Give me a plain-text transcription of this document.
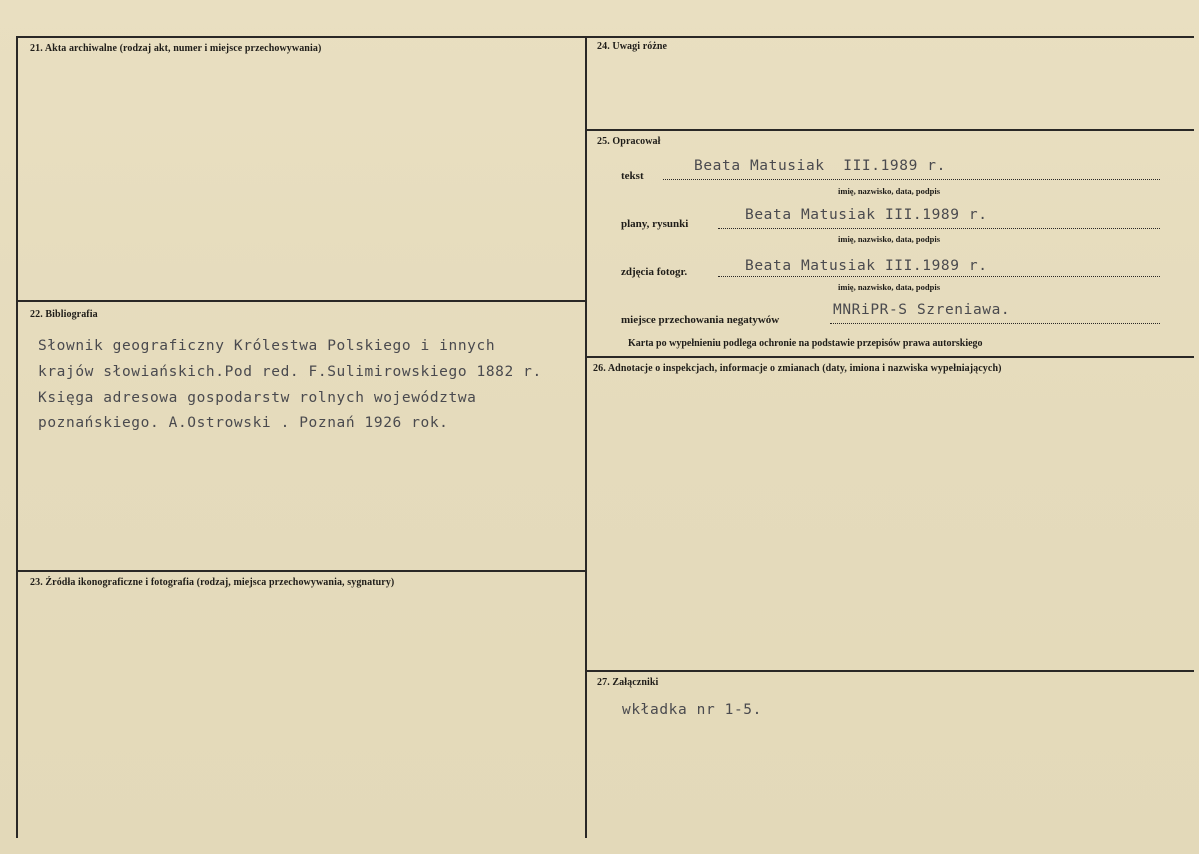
21. Akta archiwalne (rodzaj akt, numer i miejsce przechowywania)
22. Bibliografia
Słownik geograficzny Królestwa Polskiego i innych
krajów słowiańskich.Pod red. F.Sulimirowskiego 1882 r.
Księga adresowa gospodarstw rolnych województwa
poznańskiego. A.Ostrowski . Poznań 1926 rok.
23. Źródła ikonograficzne i fotografia (rodzaj, miejsca przechowywania, sygnatury)
24. Uwagi różne
25. Opracował
tekst
Beata Matusiak  III.1989 r.
imię, nazwisko, data, podpis
plany, rysunki
Beata Matusiak III.1989 r.
imię, nazwisko, data, podpis
zdjęcia fotogr.	Beata Matusiak III.1989 r.
imię, nazwisko, data, podpis
miejsce przechowania negatywów
MNRiPR-S Szreniawa.
Karta po wypełnieniu podlega ochronie na podstawie przepisów prawa autorskiego
26. Adnotacje o inspekcjach, informacje o zmianach (daty, imiona i nazwiska wypełniających)
27. Załączniki
wkładka nr 1-5.
